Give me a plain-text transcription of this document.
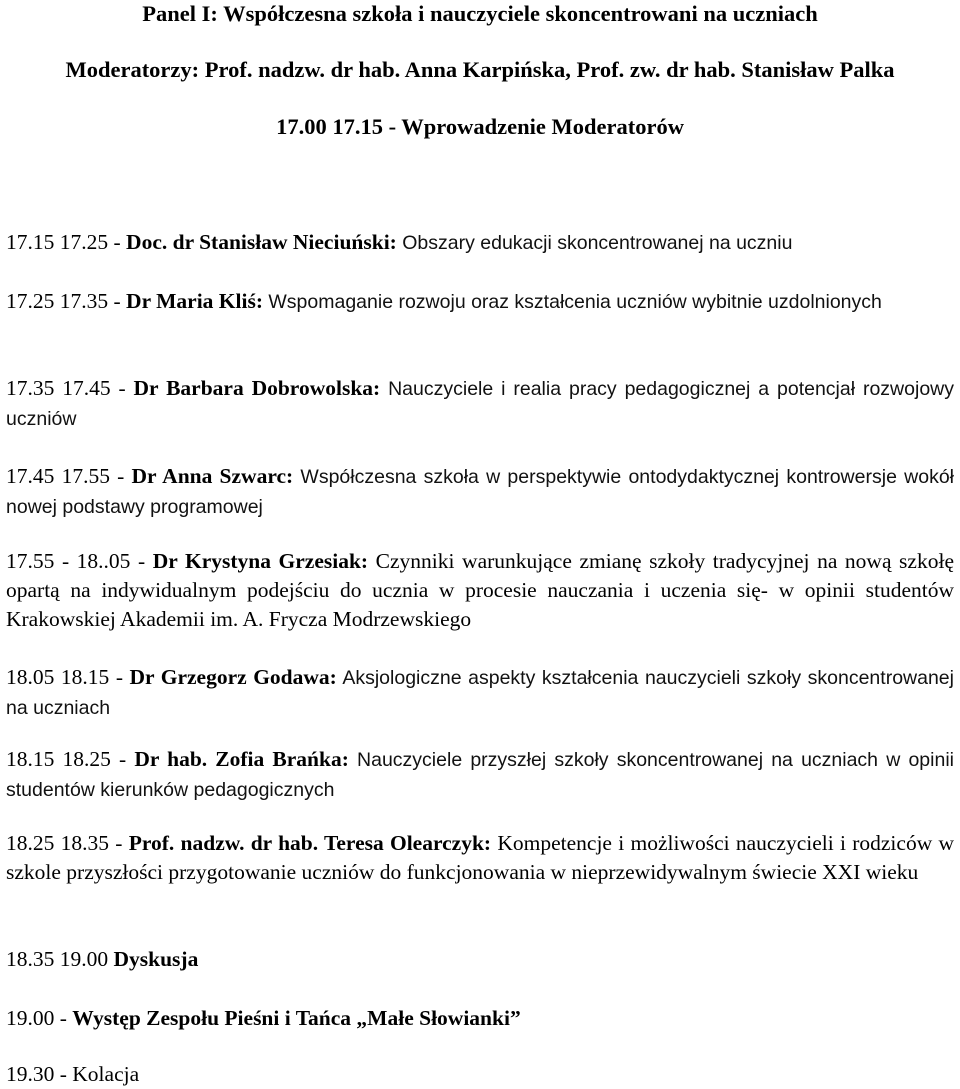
Panel I: Współczesna szkoła i nauczyciele skoncentrowani na uczniach
Moderatorzy: Prof. nadzw. dr hab. Anna Karpińska, Prof. zw. dr hab. Stanisław Palka
17.00 17.15 - Wprowadzenie Moderatorów
17.15 17.25 - Doc. dr Stanisław Nieciuński: Obszary edukacji skoncentrowanej na uczniu
17.25 17.35 - Dr Maria Kliś: Wspomaganie rozwoju oraz kształcenia uczniów wybitnie uzdolnionych
17.35 17.45 - Dr Barbara Dobrowolska: Nauczyciele i realia pracy pedagogicznej a potencjał rozwojowy uczniów
17.45 17.55 - Dr Anna Szwarc: Współczesna szkoła w perspektywie ontodydaktycznej kontrowersje wokół nowej podstawy programowej
17.55 - 18..05 - Dr Krystyna Grzesiak: Czynniki warunkujące zmianę szkoły tradycyjnej na nową szkołę opartą na indywidualnym podejściu do ucznia w procesie nauczania i uczenia się- w opinii studentów Krakowskiej Akademii im. A. Frycza Modrzewskiego
18.05 18.15 - Dr Grzegorz Godawa: Aksjologiczne aspekty kształcenia nauczycieli szkoły skoncentrowanej na uczniach
18.15 18.25 - Dr hab. Zofia Brańka: Nauczyciele przyszłej szkoły skoncentrowanej na uczniach w opinii studentów kierunków pedagogicznych
18.25 18.35 - Prof. nadzw. dr hab. Teresa Olearczyk: Kompetencje i możliwości nauczycieli i rodziców w szkole przyszłości przygotowanie uczniów do funkcjonowania w nieprzewidywalnym świecie XXI wieku
18.35 19.00 Dyskusja
19.00 - Występ Zespołu Pieśni i Tańca „Małe Słowianki”
19.30 - Kolacja
